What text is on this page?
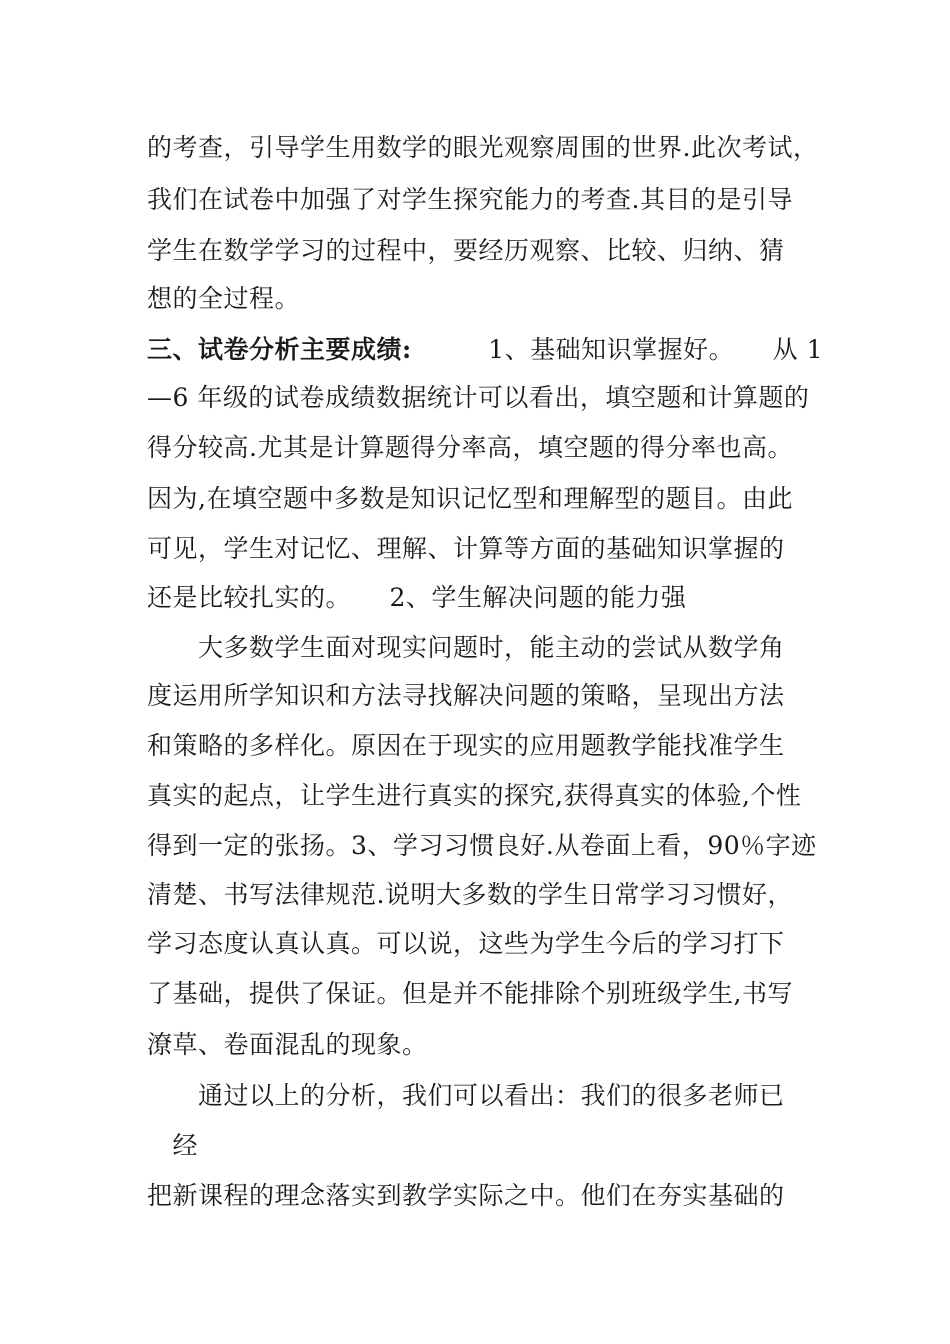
的考查，引导学生用数学的眼光观察周围的世界.此次考试，
我们在试卷中加强了对学生探究能力的考查.其目的是引导
学生在数学学习的过程中，要经历观察、比较、归纳、猜
想的全过程。
三、试卷分析主要成绩:　　　1、基础知识掌握好。　　从 1
—6 年级的试卷成绩数据统计可以看出，填空题和计算题的
得分较高.尤其是计算题得分率高，填空题的得分率也高。
因为,在填空题中多数是知识记忆型和理解型的题目。由此
可见，学生对记忆、理解、计算等方面的基础知识掌握的
还是比较扎实的。　　2、学生解决问题的能力强
　　大多数学生面对现实问题时，能主动的尝试从数学角
度运用所学知识和方法寻找解决问题的策略，呈现出方法
和策略的多样化。原因在于现实的应用题教学能找准学生
真实的起点，让学生进行真实的探究,获得真实的体验,个性
得到一定的张扬。3、学习习惯良好.从卷面上看，90％字迹
清楚、书写法律规范.说明大多数的学生日常学习习惯好，
学习态度认真认真。可以说，这些为学生今后的学习打下
了基础，提供了保证。但是并不能排除个别班级学生,书写
潦草、卷面混乱的现象。
　　通过以上的分析，我们可以看出：我们的很多老师已
　经
把新课程的理念落实到教学实际之中。他们在夯实基础的
